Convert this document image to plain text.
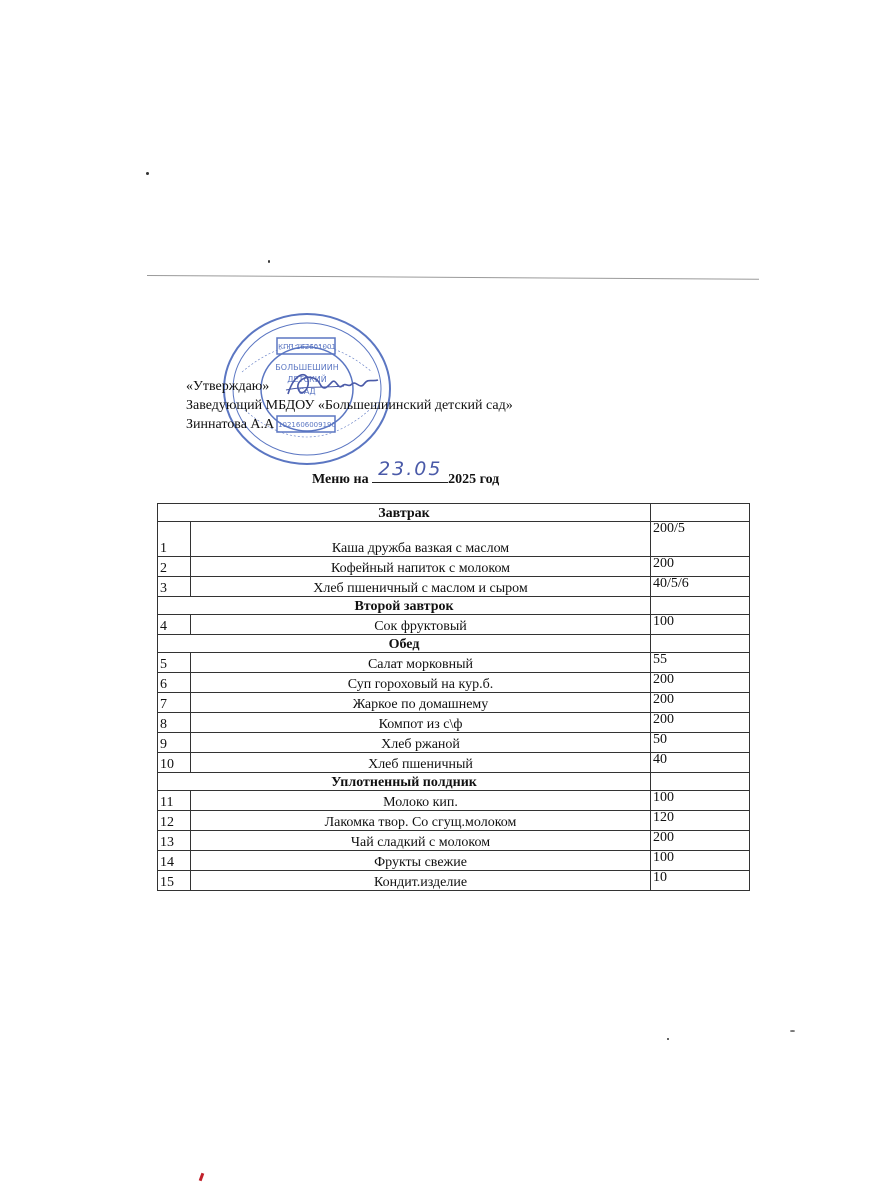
КПП 162601001
БОЛЬШЕШИИН
ДЕТСКИЙ
САД
1021606009190
«Утверждаю»
Заведующий МБДОУ «Большешиинский детский сад»
Зиннатова А.А
Меню на 23.05 2025 год
Завтрак		
1	Каша дружба вазкая с маслом	200/5
2	Кофейный напиток с молоком	200
3	Хлеб пшеничный с маслом и сыром	40/5/6
Второй завтрок		
4	Сок фруктовый	100
Обед		
5	Салат морковный	55
6	Суп гороховый на кур.б.	200
7	Жаркое по домашнему	200
8	Компот из с\ф	200
9	Хлеб ржаной	50
10	Хлеб пшеничный	40
Уплотненный полдник		
11	Молоко кип.	100
12	Лакомка твор. Со сгущ.молоком	120
13	Чай сладкий с молоком	200
14	Фрукты свежие	100
15	Кондит.изделие	10
